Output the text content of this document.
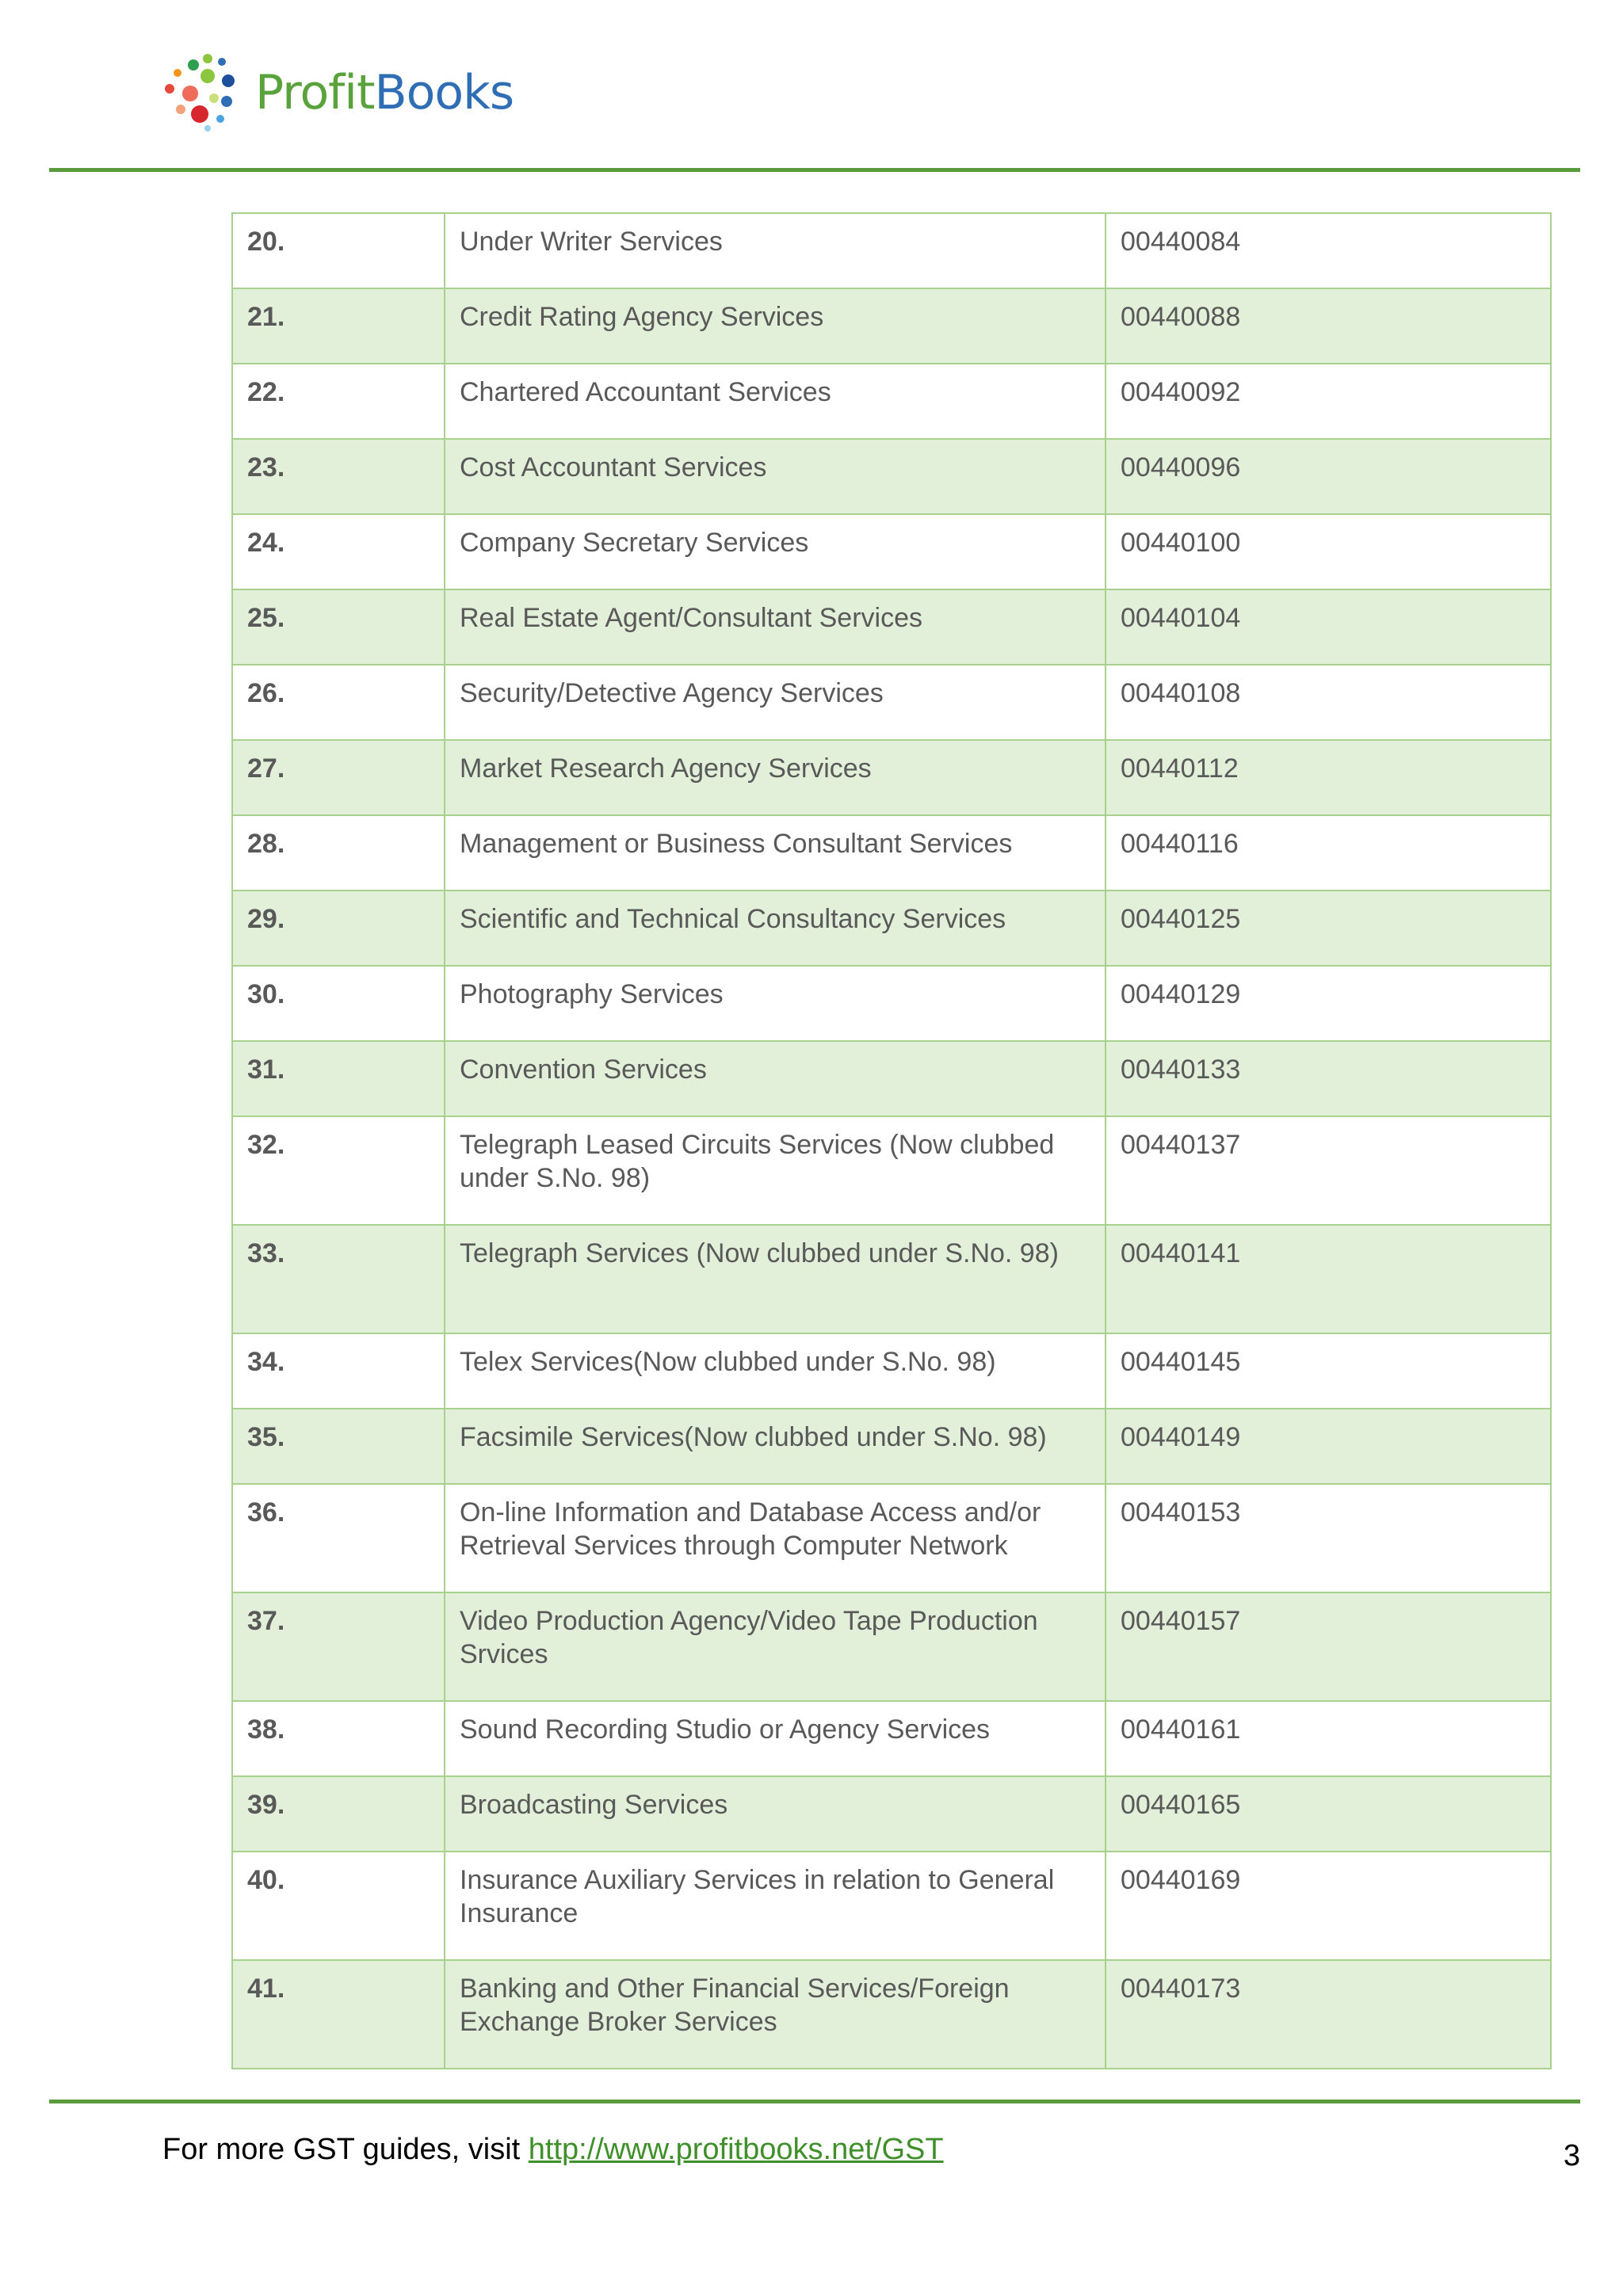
ProfitBooks
20.	Under Writer Services	00440084
21.	Credit Rating Agency Services	00440088
22.	Chartered Accountant Services	00440092
23.	Cost Accountant Services	00440096
24.	Company Secretary Services	00440100
25.	Real Estate Agent/Consultant Services	00440104
26.	Security/Detective Agency Services	00440108
27.	Market Research Agency Services	00440112
28.	Management or Business Consultant Services	00440116
29.	Scientific and Technical Consultancy Services	00440125
30.	Photography Services	00440129
31.	Convention Services	00440133
32.	Telegraph Leased Circuits Services (Now clubbed under S.No. 98)	00440137
33.	Telegraph Services (Now clubbed under S.No. 98)	00440141
34.	Telex Services(Now clubbed under S.No. 98)	00440145
35.	Facsimile Services(Now clubbed under S.No. 98)	00440149
36.	On-line Information and Database Access and/or Retrieval Services through Computer Network	00440153
37.	Video Production Agency/Video Tape Production Srvices	00440157
38.	Sound Recording Studio or Agency Services	00440161
39.	Broadcasting Services	00440165
40.	Insurance Auxiliary Services in relation to General Insurance	00440169
41.	Banking and Other Financial Services/Foreign Exchange Broker Services	00440173
For more GST guides, visit http://www.profitbooks.net/GST	3
